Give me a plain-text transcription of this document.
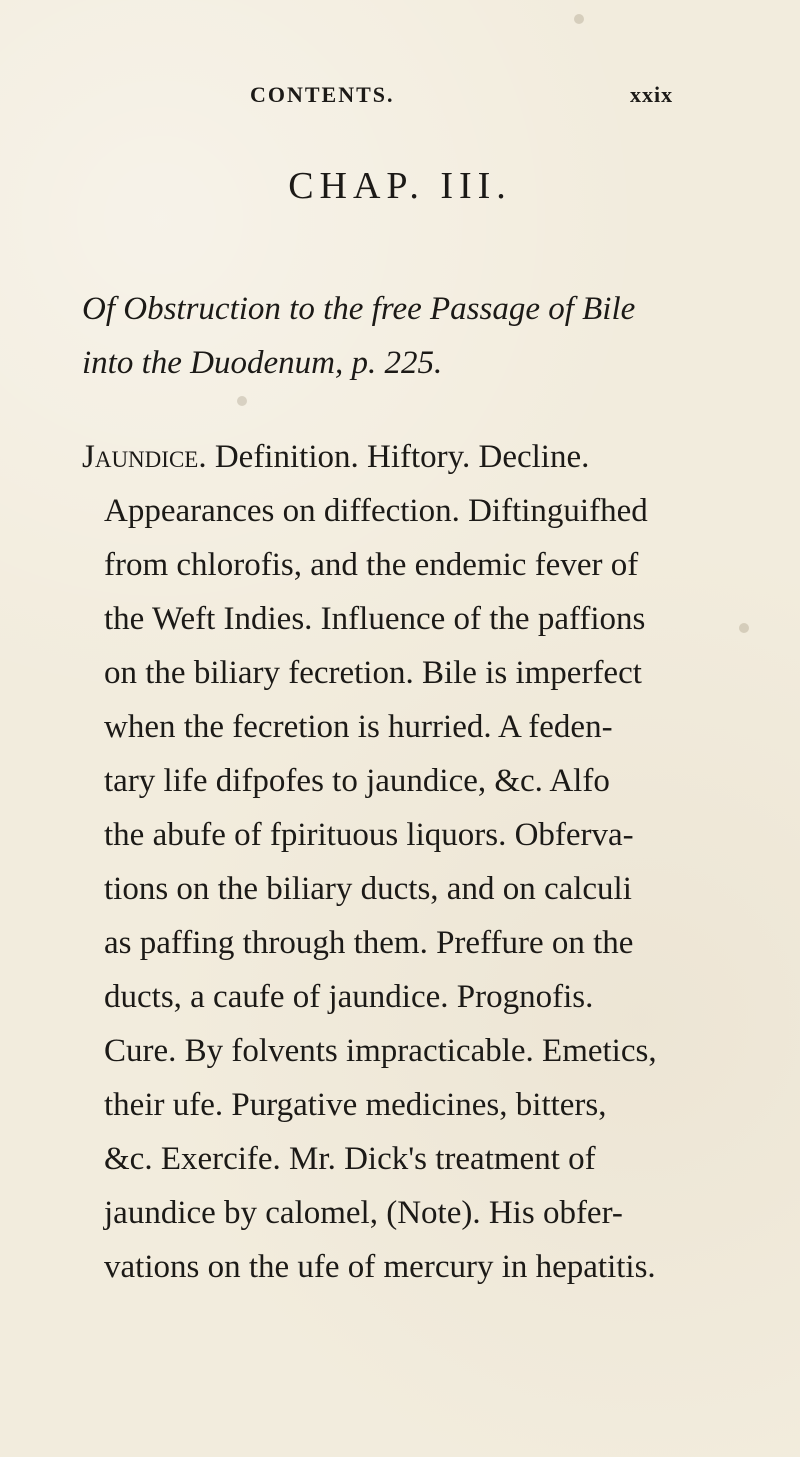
CONTENTS.	xxix
CHAP. III.

Of Obstruction to the free Passage of Bile

into the Duodenum, p. 225.

Jaundice. Definition. Hiftory. Decline.
Appearances on diffection. Diftinguifhed
from chlorofis, and the endemic fever of
the Weft Indies. Influence of the paffions
on the biliary fecretion. Bile is imperfect
when the fecretion is hurried. A feden-
tary life difpofes to jaundice, &c. Alfo
the abufe of fpirituous liquors. Obferva-
tions on the biliary ducts, and on calculi
as paffing through them. Preffure on the
ducts, a caufe of jaundice. Prognofis.
Cure. By folvents impracticable. Emetics,
their ufe. Purgative medicines, bitters,
&c. Exercife. Mr. Dick's treatment of
jaundice by calomel, (Note). His obfer-
vations on the ufe of mercury in hepatitis.
